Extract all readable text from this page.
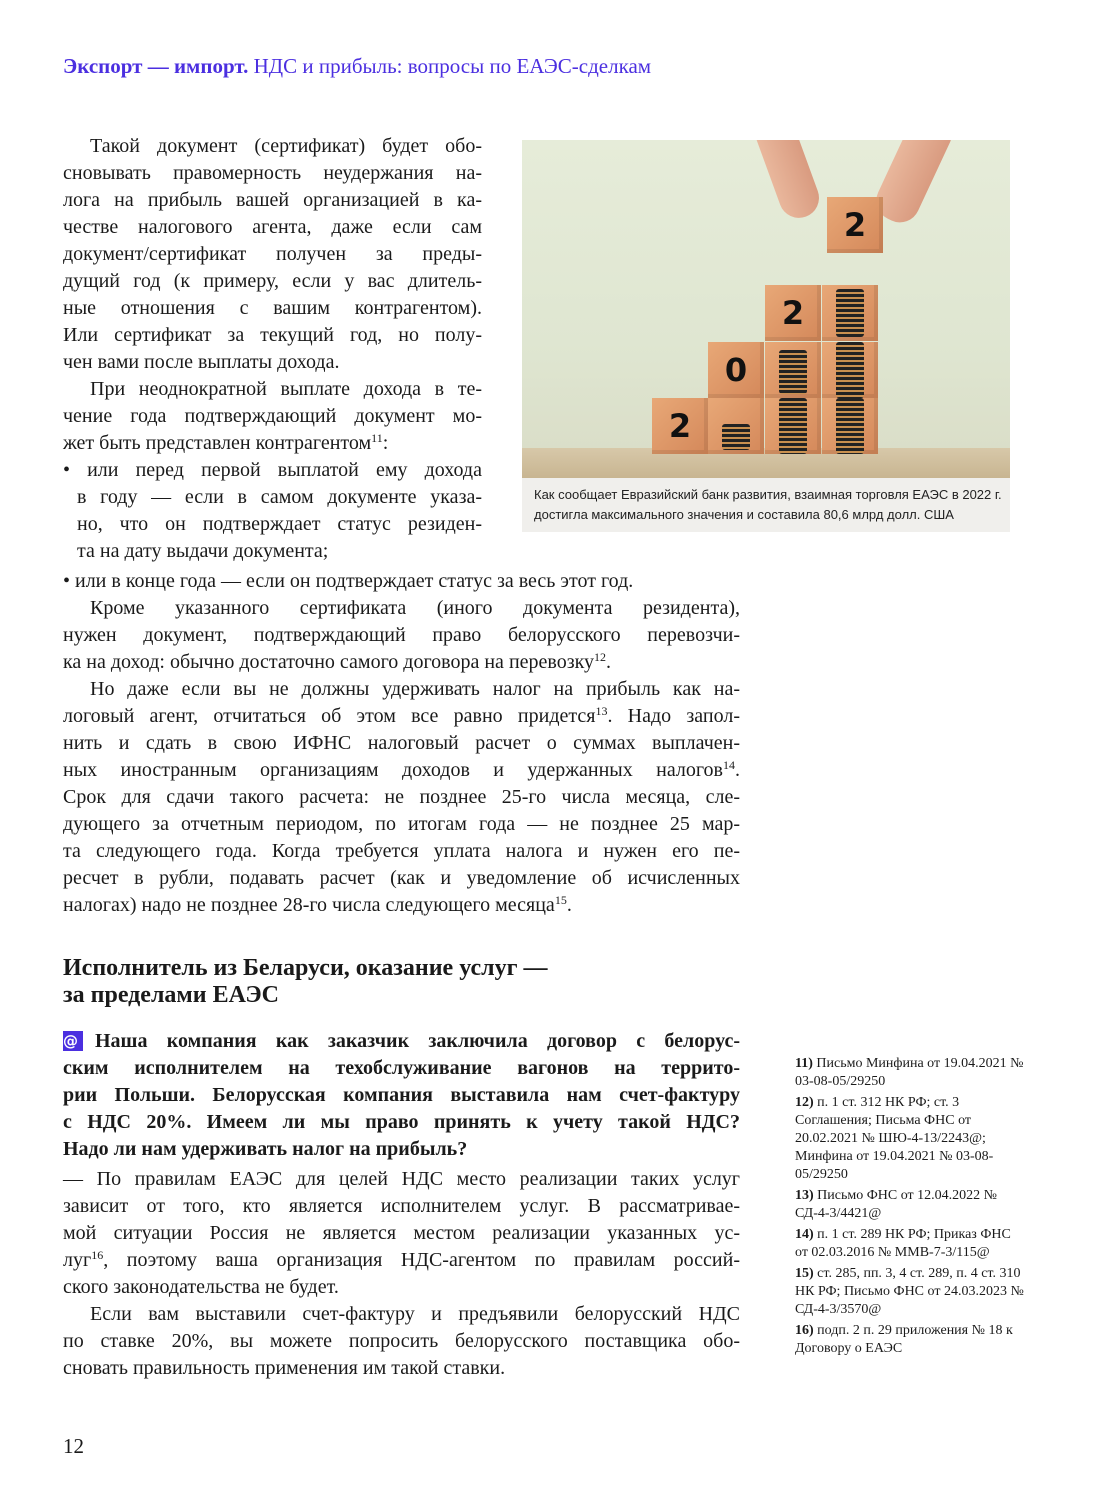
Экспорт — импорт. НДС и прибыль: вопросы по ЕАЭС-сделкам
Такой документ (сертификат) будет обо-
сновывать правомерность неудержания на-
лога на прибыль вашей организацией в ка-
честве налогового агента, даже если сам
документ/сертификат получен за преды-
дущий год (к примеру, если у вас длитель-
ные отношения с вашим контрагентом).
Или сертификат за текущий год, но полу-
чен вами после выплаты дохода.
При неоднократной выплате дохода в те-
чение года подтверждающий документ мо-
жет быть представлен контрагентом$^{11}$:
• или перед первой выплатой ему дохода
в году — если в самом документе указа-
но, что он подтверждает статус резиден-
та на дату выдачи документа;
2
2
0
2
Как сообщает Евразийский банк развития, взаимная торговля ЕАЭС в 2022 г.
достигла максимального значения и составила 80,6 млрд долл. США
• или в конце года — если он подтверждает статус за весь этот год.
Кроме указанного сертификата (иного документа резидента),
нужен документ, подтверждающий право белорусского перевозчи-
ка на доход: обычно достаточно самого договора на перевозку$^{12}$.
Но даже если вы не должны удерживать налог на прибыль как на-
логовый агент, отчитаться об этом все равно придется$^{13}$. Надо запол-
нить и сдать в свою ИФНС налоговый расчет о суммах выплачен-
ных иностранным организациям доходов и удержанных налогов$^{14}$.
Срок для сдачи такого расчета: не позднее 25-го числа месяца, сле-
дующего за отчетным периодом, по итогам года — не позднее 25 мар-
та следующего года. Когда требуется уплата налога и нужен его пе-
ресчет в рубли, подавать расчет (как и уведомление об исчисленных
налогах) надо не позднее 28-го числа следующего месяца$^{15}$.
Исполнитель из Беларуси, оказание услуг —
за пределами ЕАЭС
@ Наша компания как заказчик заключила договор с белорус-
ским исполнителем на техобслуживание вагонов на террито-
рии Польши. Белорусская компания выставила нам счет-фактуру
с НДС 20%. Имеем ли мы право принять к учету такой НДС?
Надо ли нам удерживать налог на прибыль?
— По правилам ЕАЭС для целей НДС место реализации таких услуг
зависит от того, кто является исполнителем услуг. В рассматривае-
мой ситуации Россия не является местом реализации указанных ус-
луг$^{16}$, поэтому ваша организация НДС-агентом по правилам россий-
ского законодательства не будет.
Если вам выставили счет-фактуру и предъявили белорусский НДС
по ставке 20%, вы можете попросить белорусского поставщика обо-
сновать правильность применения им такой ставки.
11) Письмо Минфина от 19.04.2021 № 03-08-05/29250
12) п. 1 ст. 312 НК РФ; ст. 3 Соглашения; Письма ФНС от 20.02.2021 № ШЮ-4-13/2243@; Минфина от 19.04.2021 № 03-08-05/29250
13) Письмо ФНС от 12.04.2022 № СД-4-3/4421@
14) п. 1 ст. 289 НК РФ; Приказ ФНС от 02.03.2016 № ММВ-7-3/115@
15) ст. 285, пп. 3, 4 ст. 289, п. 4 ст. 310 НК РФ; Письмо ФНС от 24.03.2023 № СД-4-3/3570@
16) подп. 2 п. 29 приложения № 18 к Договору о ЕАЭС
12
